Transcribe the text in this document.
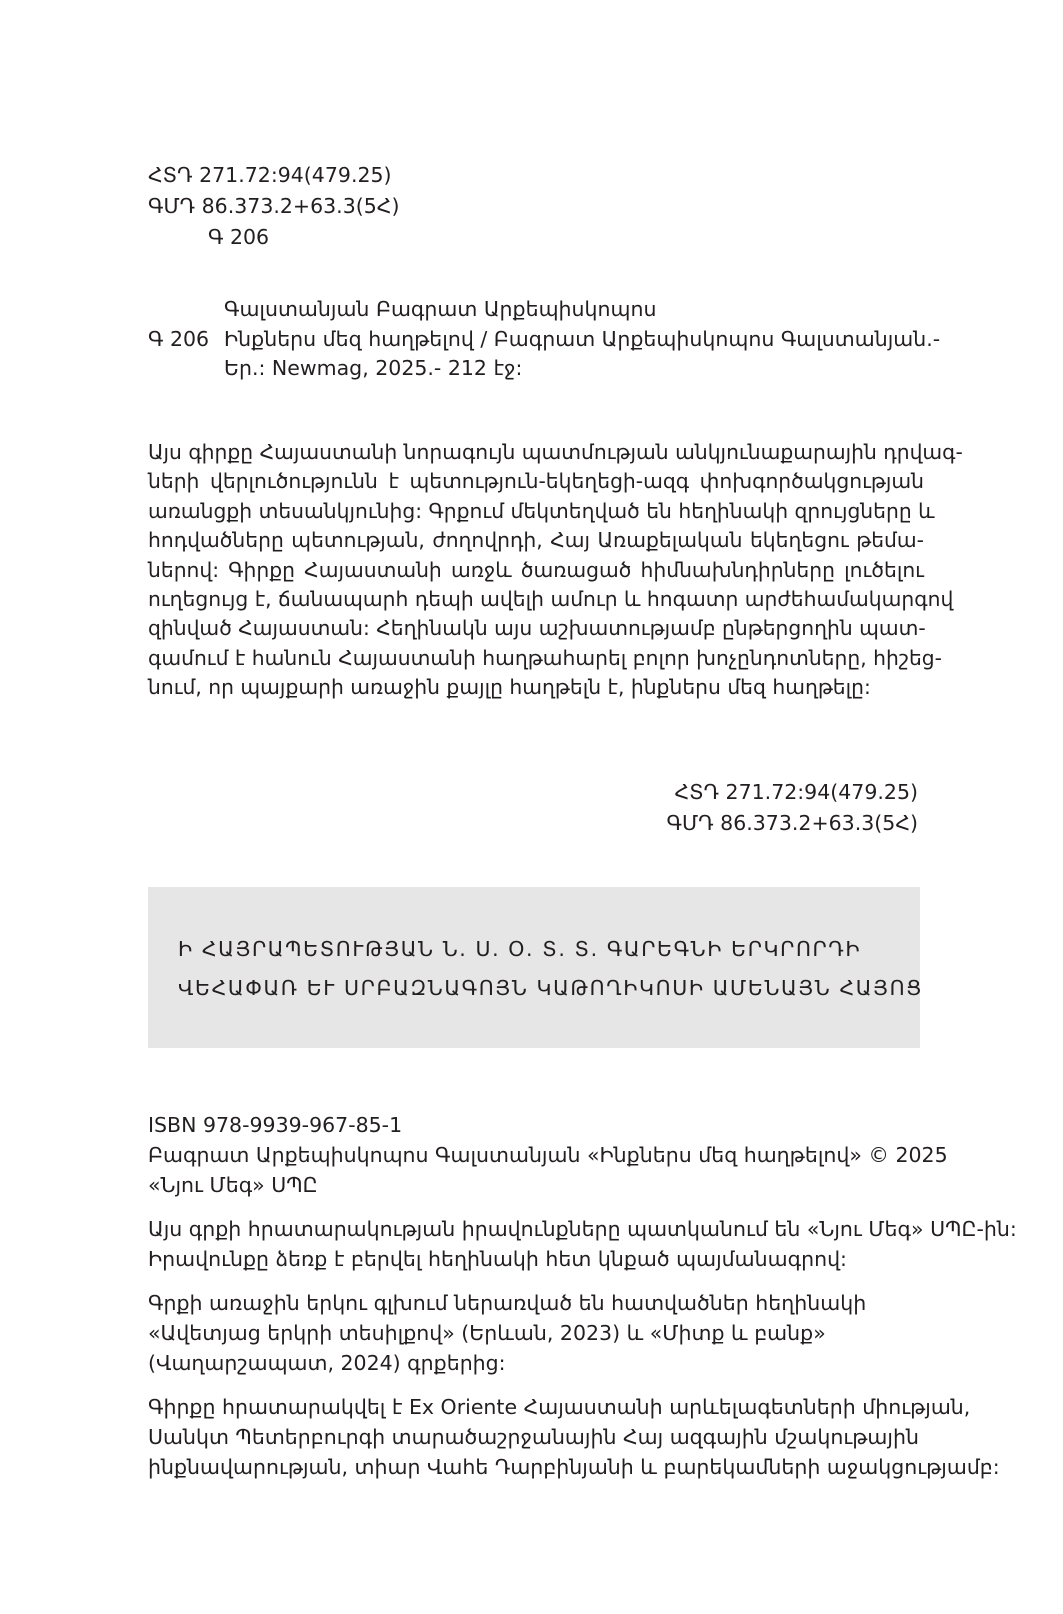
ՀՏԴ 271.72:94(479.25)
ԳՄԴ 86.373.2+63.3(5Հ)
Գ 206
Գ 206
Գալստանյան Բագրատ Արքեպիսկոպոս
Ինքներս մեզ հաղթելով / Բագրատ Արքեպիսկոպոս Գալստանյան.-
Եր.: Newmag, 2025.- 212 էջ:
Այս գիրքը Հայաստանի նորագույն պատմության անկյունաքարային դրվագ-
ների վերլուծությունն է պետություն-եկեղեցի-ազգ փոխգործակցության
առանցքի տեսանկյունից: Գրքում մեկտեղված են հեղինակի զրույցները և
հոդվածները պետության, ժողովրդի, Հայ Առաքելական եկեղեցու թեմա-
ներով: Գիրքը Հայաստանի առջև ծառացած հիմնախնդիրները լուծելու
ուղեցույց է, ճանապարհ դեպի ավելի ամուր և հոգատր արժեհամակարգով
զինված Հայաստան: Հեղինակն այս աշխատությամբ ընթերցողին պատ-
գամում է հանուն Հայաստանի հաղթահարել բոլոր խոչընդոտները, հիշեց-
նում, որ պայքարի առաջին քայլը հաղթելն է, ինքներս մեզ հաղթելը:
ՀՏԴ 271.72:94(479.25)
ԳՄԴ 86.373.2+63.3(5Հ)
Ի ՀԱՅՐԱՊԵՏՈՒԹՅԱՆ Ն. Ս. Օ. Տ. Տ. ԳԱՐԵԳՆԻ ԵՐԿՐՈՐԴԻ
ՎԵՀԱՓԱՌ ԵՒ ՍՐԲԱԶՆԱԳՈՅՆ ԿԱԹՈՂԻԿՈՍԻ ԱՄԵՆԱՅՆ ՀԱՅՈՑ
ISBN 978-9939-967-85-1
Բագրատ Արքեպիսկոպոս Գալստանյան «Ինքներս մեզ հաղթելով» © 2025
«Նյու Մեգ» ՍՊԸ
Այս գրքի հրատարակության իրավունքները պատկանում են «Նյու Մեգ» ՍՊԸ-ին:
Իրավունքը ձեռք է բերվել հեղինակի հետ կնքած պայմանագրով:
Գրքի առաջին երկու գլխում ներառված են հատվածներ հեղինակի
«Ավետյաց երկրի տեսիլքով» (Երևան, 2023) և «Միտք և բանք»
(Վաղարշապատ, 2024) գրքերից:
Գիրքը հրատարակվել է Ex Oriente Հայաստանի արևելագետների միության,
Սանկտ Պետերբուրգի տարածաշրջանային Հայ ազգային մշակութային
ինքնավարության, տիար Վահե Դարբինյանի և բարեկամների աջակցությամբ:
